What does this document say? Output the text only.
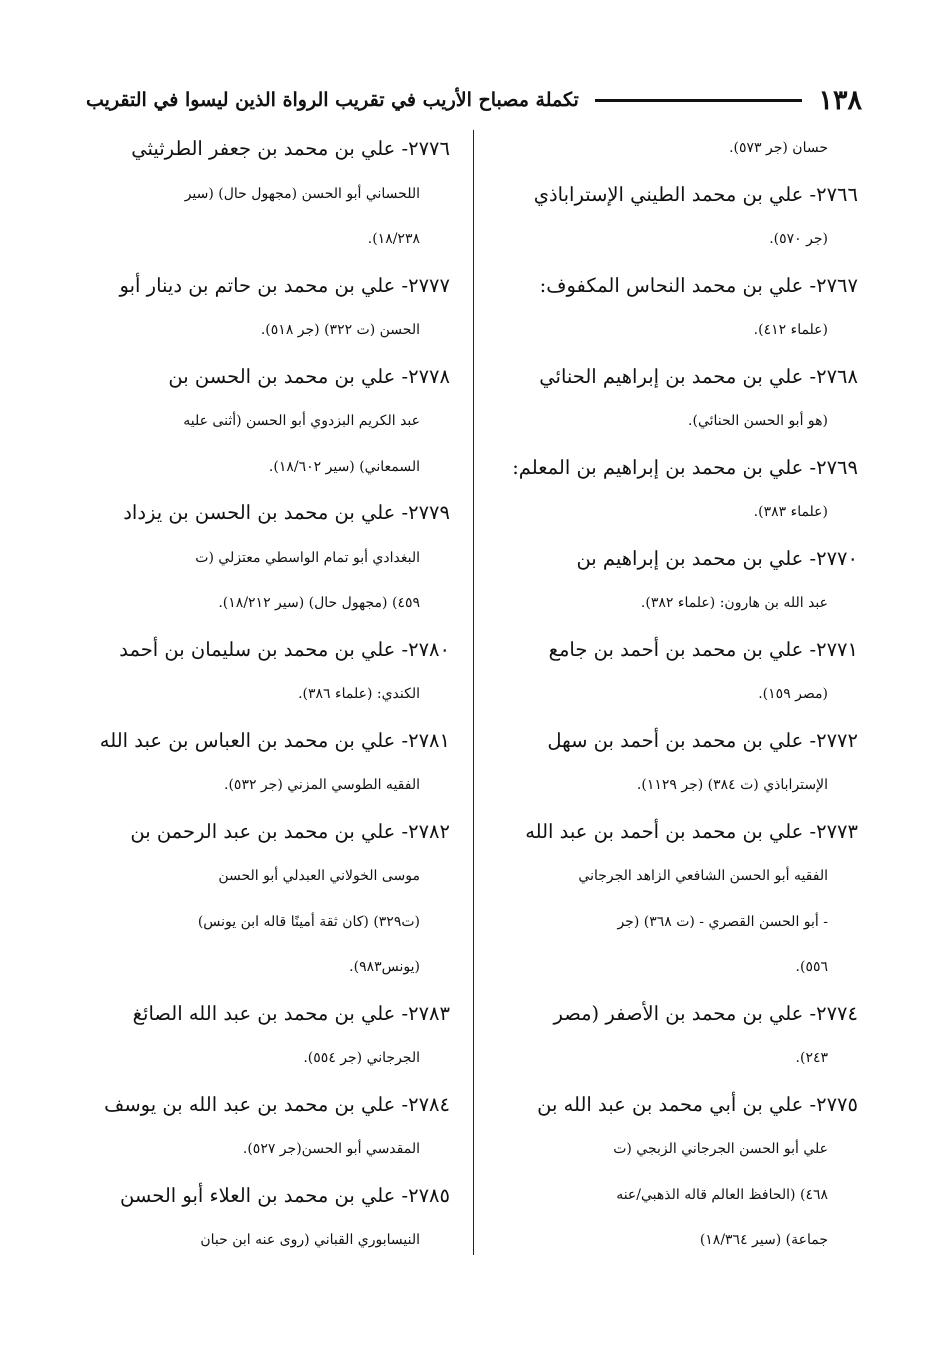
١٣٨
تكملة مصباح الأريب في تقريب الرواة الذين ليسوا في التقريب
حسان (جر ٥٧٣).
٢٧٦٦- علي بن محمد الطيني الإستراباذي
(جر ٥٧٠).
٢٧٦٧- علي بن محمد النحاس المكفوف:
(علماء ٤١٢).
٢٧٦٨- علي بن محمد بن إبراهيم الحنائي
(هو أبو الحسن الحنائي).
٢٧٦٩- علي بن محمد بن إبراهيم بن المعلم:
(علماء ٣٨٣).
٢٧٧٠- علي بن محمد بن إبراهيم بن
عبد الله بن هارون: (علماء ٣٨٢).
٢٧٧١- علي بن محمد بن أحمد بن جامع
(مصر ١٥٩).
٢٧٧٢- علي بن محمد بن أحمد بن سهل
الإستراباذي (ت ٣٨٤) (جر ١١٢٩).
٢٧٧٣- علي بن محمد بن أحمد بن عبد الله
الفقيه أبو الحسن الشافعي الزاهد الجرجاني
- أبو الحسن القصري - (ت ٣٦٨) (جر
٥٥٦).
٢٧٧٤- علي بن محمد بن الأصفر (مصر
٢٤٣).
٢٧٧٥- علي بن أبي محمد بن عبد الله بن
علي أبو الحسن الجرجاني الزبجي (ت
٤٦٨) (الحافظ العالم قاله الذهبي/عنه
جماعة) (سير ١٨/٣٦٤)
٢٧٧٦- علي بن محمد بن جعفر الطرثيثي
اللحساني أبو الحسن (مجهول حال) (سير
١٨/٢٣٨).
٢٧٧٧- علي بن محمد بن حاتم بن دينار أبو
الحسن (ت ٣٢٢) (جر ٥١٨).
٢٧٧٨- علي بن محمد بن الحسن بن
عبد الكريم البزدوي أبو الحسن (أثنى عليه
السمعاني) (سير ١٨/٦٠٢).
٢٧٧٩- علي بن محمد بن الحسن بن يزداد
البغدادي أبو تمام الواسطي معتزلي (ت
٤٥٩) (مجهول حال) (سير ١٨/٢١٢).
٢٧٨٠- علي بن محمد بن سليمان بن أحمد
الكندي: (علماء ٣٨٦).
٢٧٨١- علي بن محمد بن العباس بن عبد الله
الفقيه الطوسي المزني (جر ٥٣٢).
٢٧٨٢- علي بن محمد بن عبد الرحمن بن
موسى الخولاني العبدلي أبو الحسن
(ت٣٢٩) (كان ثقة أمينًا قاله ابن يونس)
(يونس٩٨٣).
٢٧٨٣- علي بن محمد بن عبد الله الصائغ
الجرجاني (جر ٥٥٤).
٢٧٨٤- علي بن محمد بن عبد الله بن يوسف
المقدسي أبو الحسن(جر ٥٢٧).
٢٧٨٥- علي بن محمد بن العلاء أبو الحسن
النيسابوري القباني (روى عنه ابن حبان
